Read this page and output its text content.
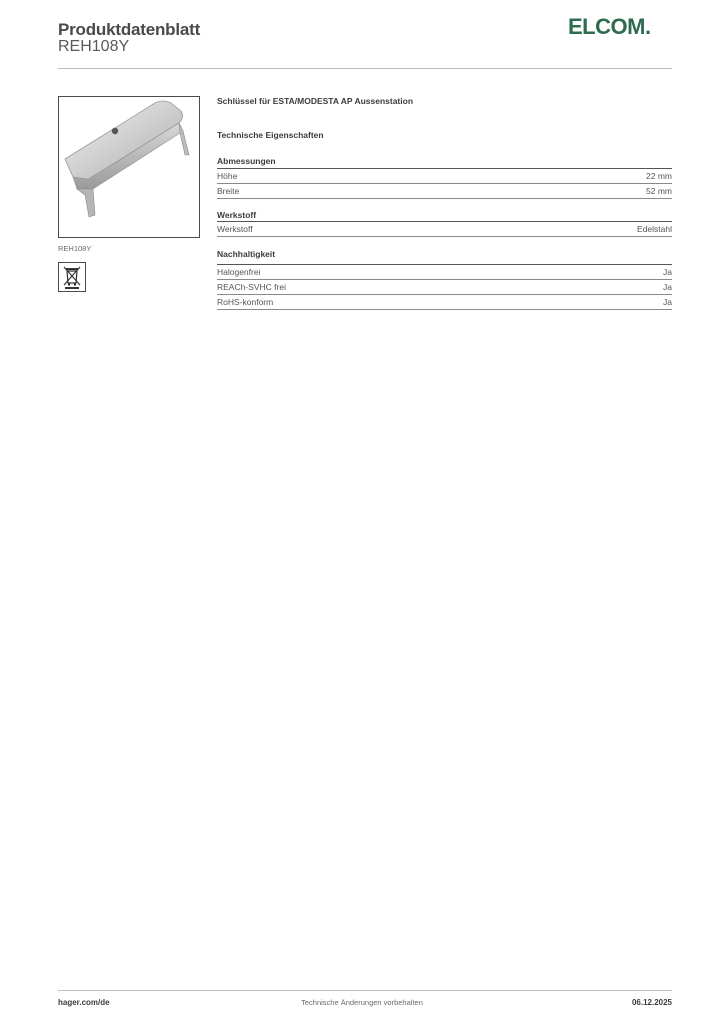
Produktdatenblatt
REH108Y
ELCOM.
REH108Y
Schlüssel für ESTA/MODESTA AP Aussenstation
Technische Eigenschaften
Abmessungen
Höhe	22 mm
Breite	52 mm
Werkstoff
Werkstoff	Edelstahl
Nachhaltigkeit
Halogenfrei	Ja
REACh-SVHC frei	Ja
RoHS-konform	Ja
hager.com/de	Technische Änderungen vorbehalten	06.12.2025
